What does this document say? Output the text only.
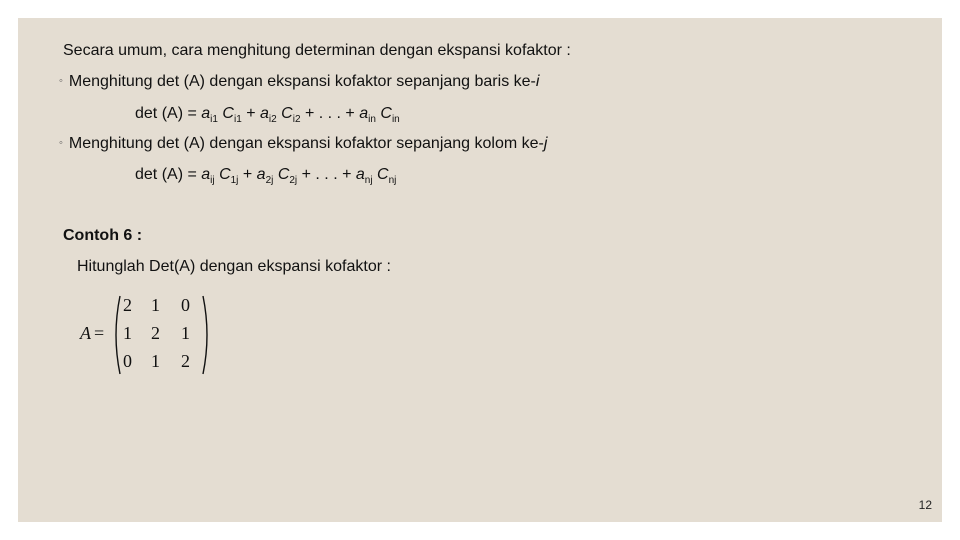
Secara umum, cara menghitung determinan dengan ekspansi kofaktor :
◦ Menghitung det (A) dengan ekspansi kofaktor sepanjang baris ke-i
$\det (A) = a_{i1}$ $C_{i1} + a_{i2}$ $C_{i2}$ + . . . + $a_{in}$ $C_{in}$
◦ Menghitung det (A) dengan ekspansi kofaktor sepanjang kolom ke-j
$\det (A) = a_{ij}$ $C_{1j} + a_{2j}$ $C_{2j}$ + . . . + $a_{nj}$ $C_{nj}$
Contoh 6 :
Hitunglah Det(A) dengan ekspansi kofaktor :
A =
2 1 0
1 2 1
0 1 2
12
